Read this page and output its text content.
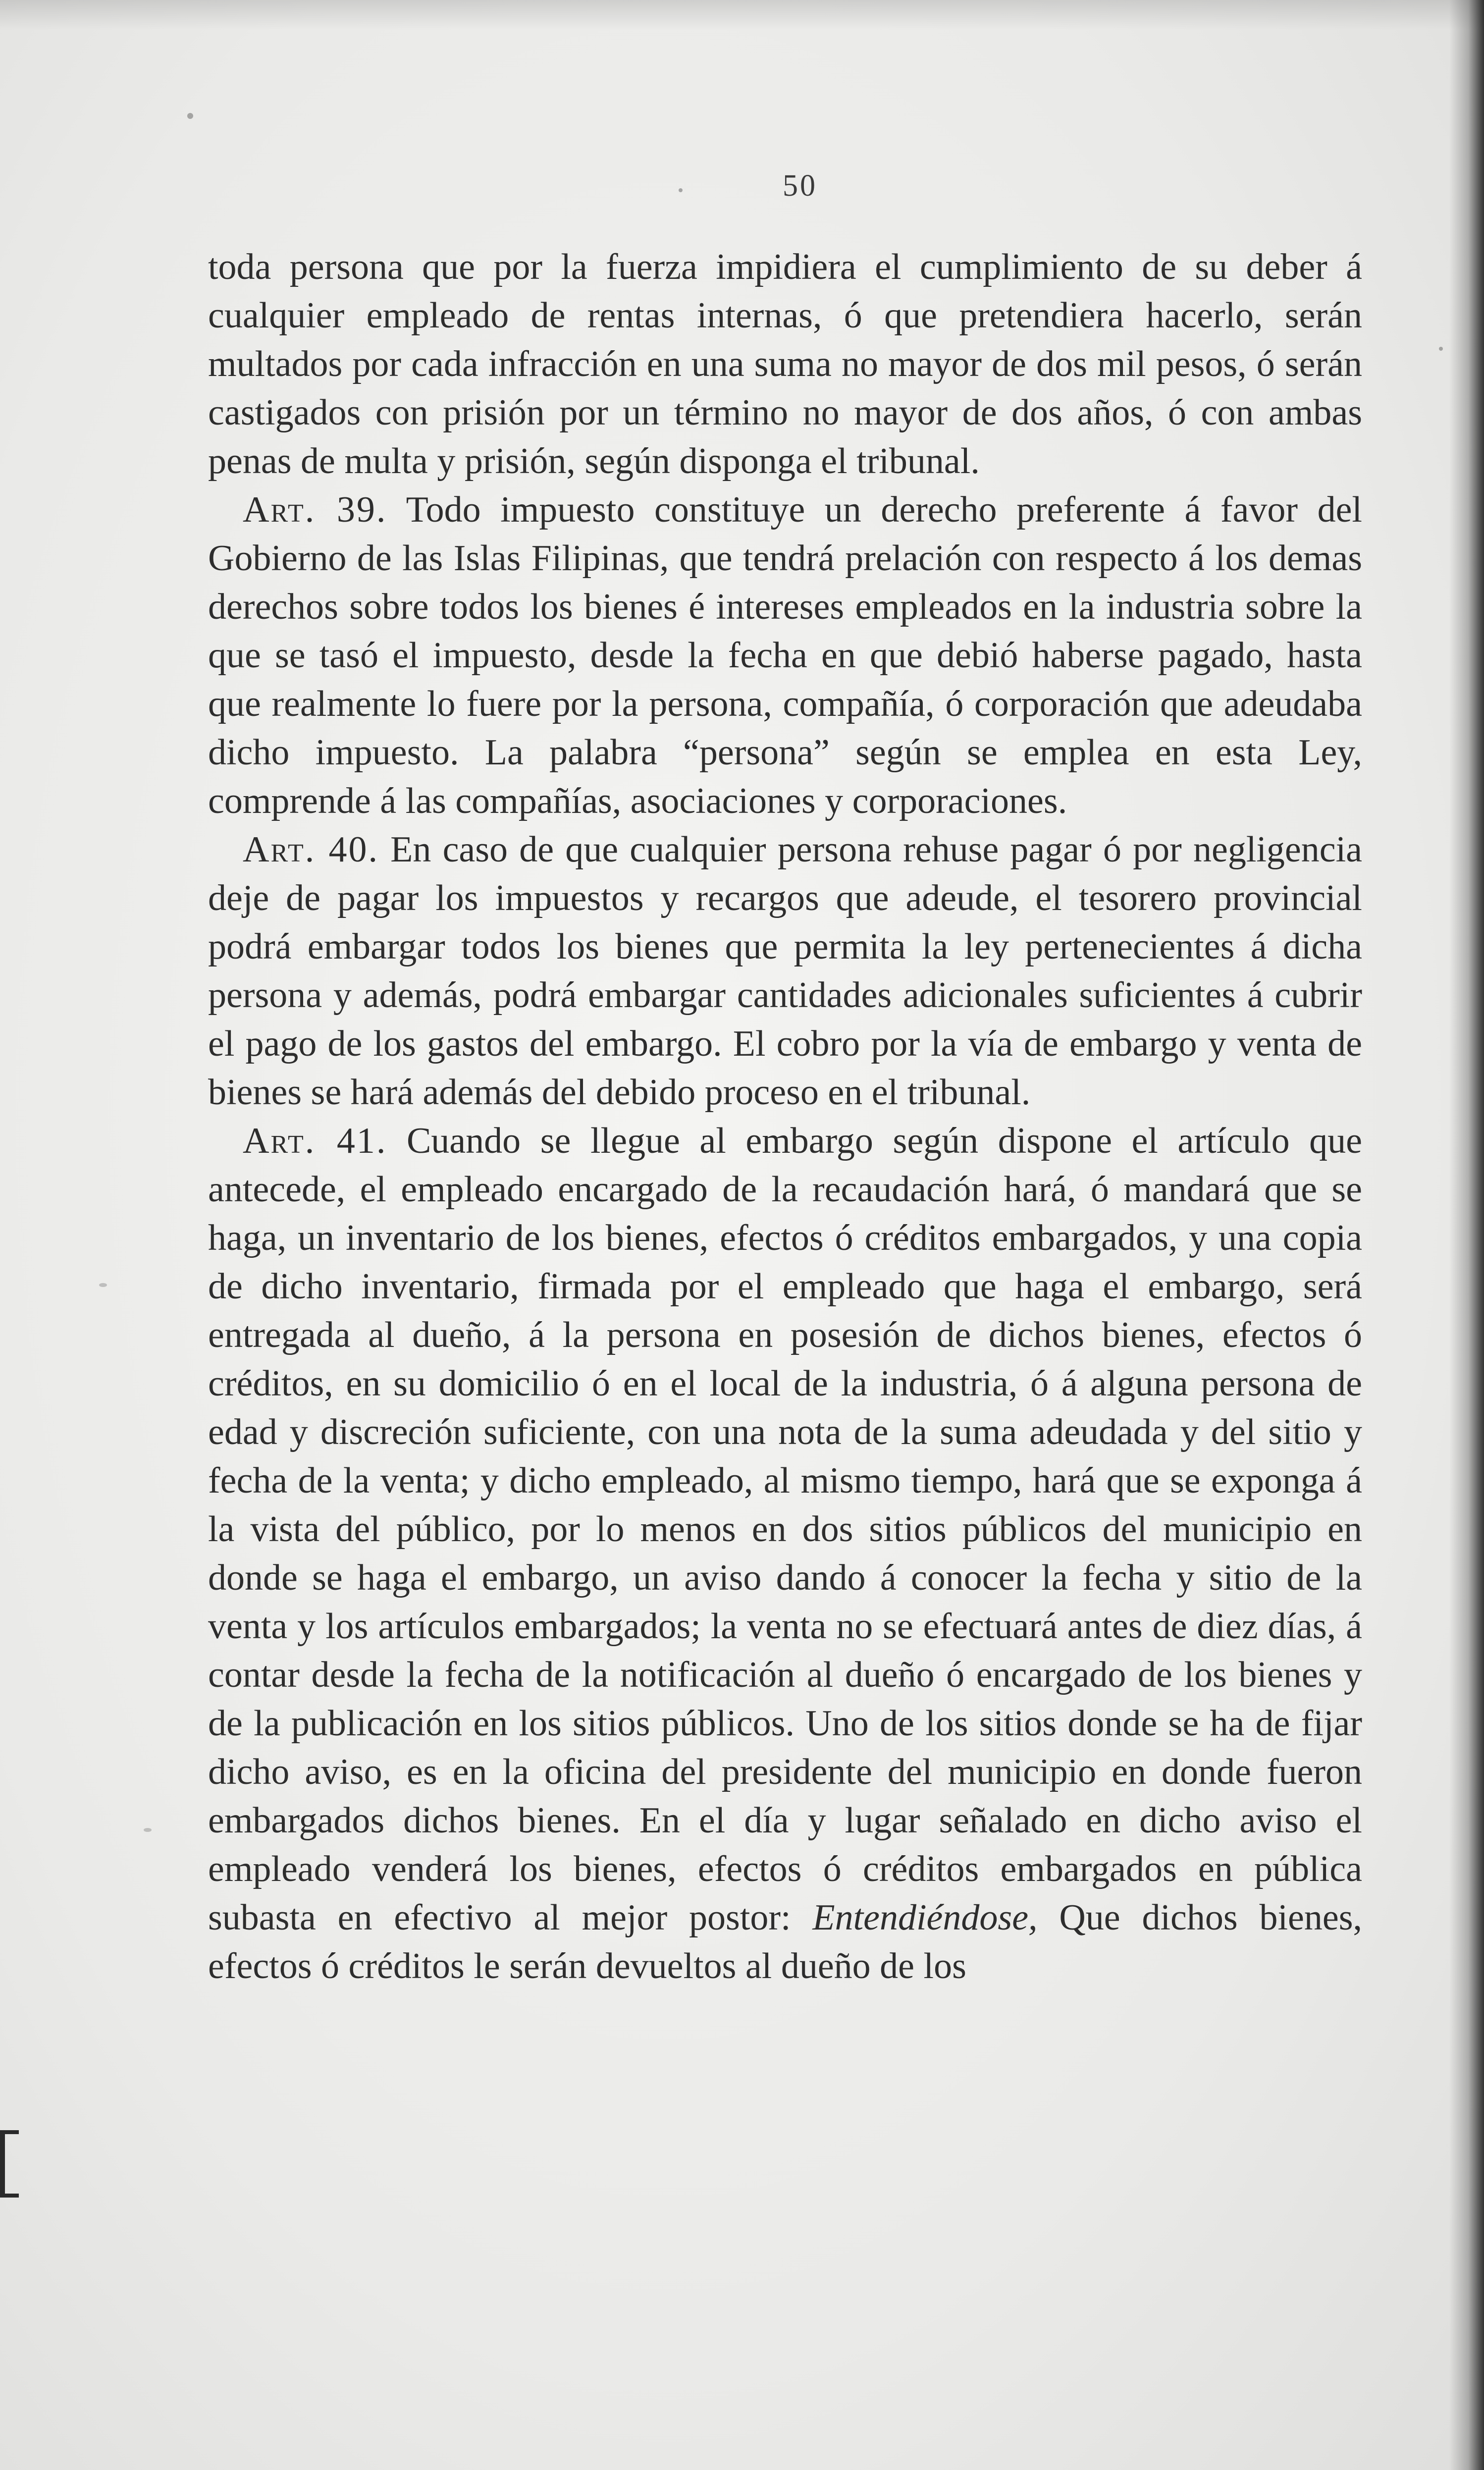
50

toda persona que por la fuerza impidiera el cumplimiento de su deber á cualquier empleado de rentas internas, ó que pretendiera hacerlo, serán multados por cada infracción en una suma no mayor de dos mil pesos, ó serán castigados con prisión por un término no mayor de dos años, ó con ambas penas de multa y prisión, según disponga el tribunal.

Art. 39. Todo impuesto constituye un derecho preferente á favor del Gobierno de las Islas Filipinas, que tendrá prelación con respecto á los demas derechos sobre todos los bienes é intereses empleados en la industria sobre la que se tasó el impuesto, desde la fecha en que debió haberse pagado, hasta que realmente lo fuere por la persona, compañía, ó corporación que adeudaba dicho impuesto. La palabra “persona” según se emplea en esta Ley, comprende á las compañías, asociaciones y corporaciones.

Art. 40. En caso de que cualquier persona rehuse pagar ó por negligencia deje de pagar los impuestos y recargos que adeude, el tesorero provincial podrá embargar todos los bienes que permita la ley pertenecientes á dicha persona y además, podrá embargar cantidades adicionales suficientes á cubrir el pago de los gastos del embargo. El cobro por la vía de embargo y venta de bienes se hará además del debido proceso en el tribunal.

Art. 41. Cuando se llegue al embargo según dispone el artículo que antecede, el empleado encargado de la recaudación hará, ó mandará que se haga, un inventario de los bienes, efectos ó créditos embargados, y una copia de dicho inventario, firmada por el empleado que haga el embargo, será entregada al dueño, á la persona en posesión de dichos bienes, efectos ó créditos, en su domicilio ó en el local de la industria, ó á alguna persona de edad y discreción suficiente, con una nota de la suma adeudada y del sitio y fecha de la venta; y dicho empleado, al mismo tiempo, hará que se exponga á la vista del público, por lo menos en dos sitios públicos del municipio en donde se haga el embargo, un aviso dando á conocer la fecha y sitio de la venta y los artículos embargados; la venta no se efectuará antes de diez días, á contar desde la fecha de la notificación al dueño ó encargado de los bienes y de la publicación en los sitios públicos. Uno de los sitios donde se ha de fijar dicho aviso, es en la oficina del presidente del municipio en donde fueron embargados dichos bienes. En el día y lugar señalado en dicho aviso el empleado venderá los bienes, efectos ó créditos embargados en pública subasta en efectivo al mejor postor: Entendiéndose, Que dichos bienes, efectos ó créditos le serán devueltos al dueño de los
